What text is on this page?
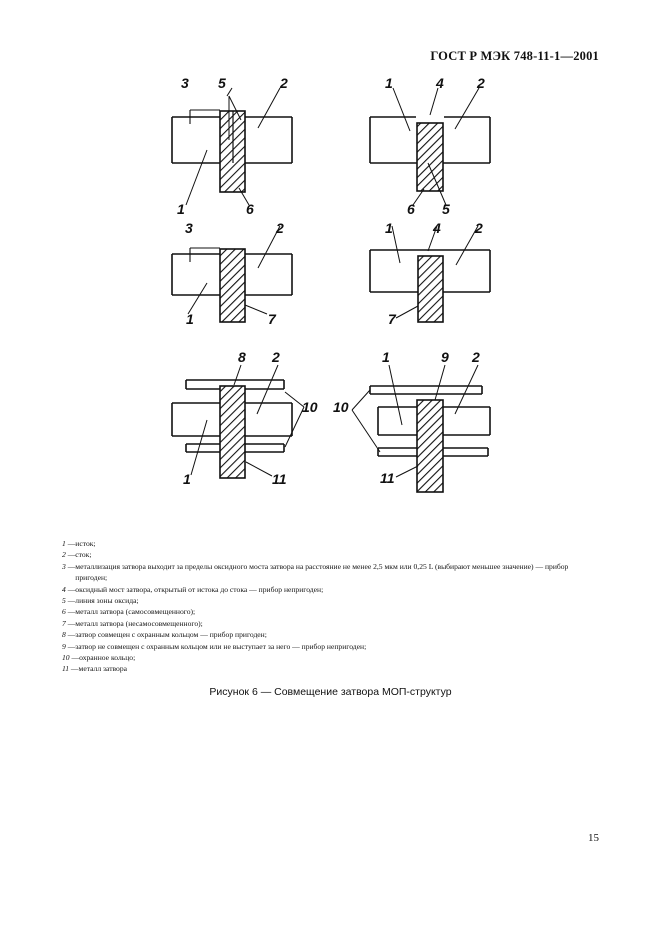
ГОСТ Р МЭК 748-11-1—2001
3 5	2
1	6
1	4 2
6 5
3	2
1	7
1	4 2
7
8 2
10
1	11
1	9 2
10
11
1 — исток;
2 — сток;
3 — металлизация затвора выходит за пределы оксидного моста затвора на расстояние не менее 2,5 мкм или 0,25 L (выбирают меньшее значение) — прибор пригоден;
4 — оксидный мост затвора, открытый от истока до стока — прибор непригоден;
5 — линия зоны оксида;
6 — металл затвора (самосовмещенного);
7 — металл затвора (несамосовмещенного);
8 — затвор совмещен с охранным кольцом — прибор пригоден;
9 — затвор не совмещен с охранным кольцом или не выступает за него — прибор непригоден;
10 — охранное кольцо;
11 — металл затвора
Рисунок 6 — Совмещение затвора МОП-структур
15
